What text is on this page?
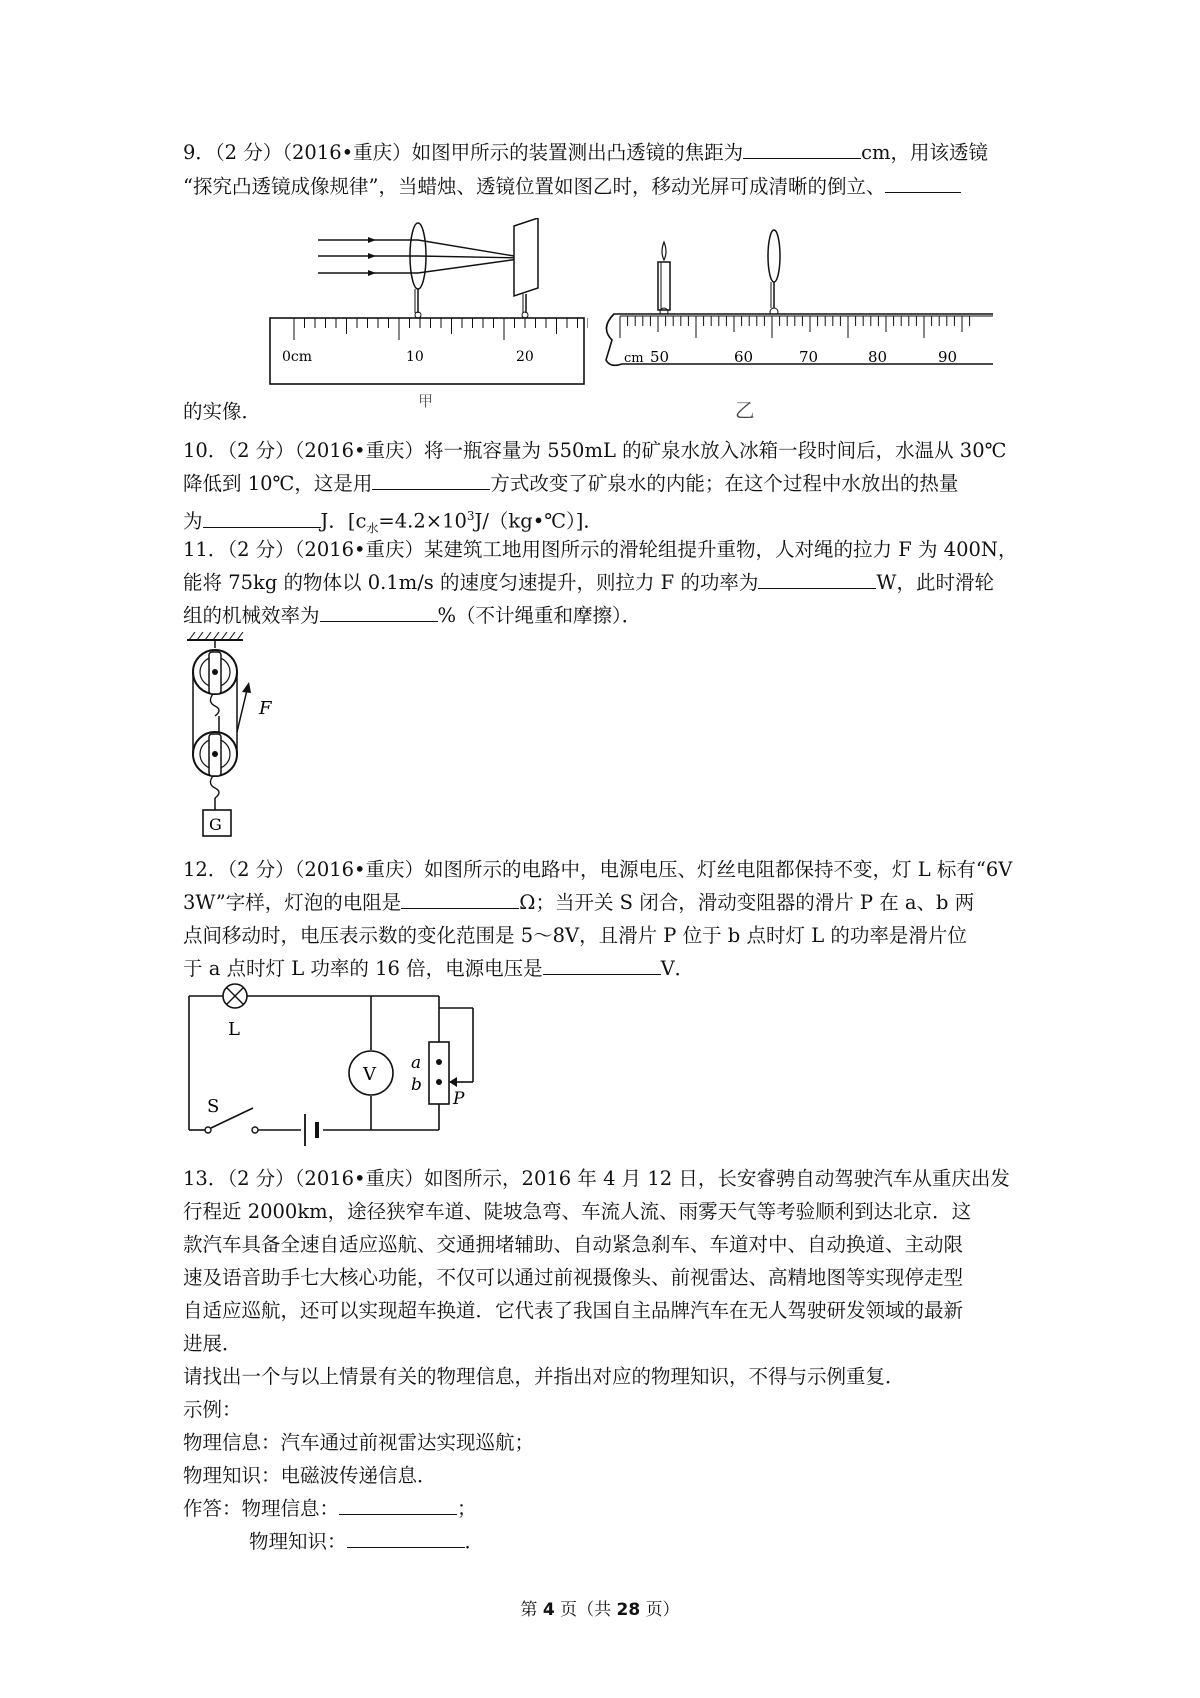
9．（2 分）（2016•重庆）如图甲所示的装置测出凸透镜的焦距为	cm，用该透镜
“探究凸透镜成像规律”，当蜡烛、透镜位置如图乙时，移动光屏可成清晰的倒立、
0cm	10	20	cm 50	60	70	80	90
的实像．	甲	乙
10．（2 分）（2016•重庆）将一瓶容量为 550mL 的矿泉水放入冰箱一段时间后，水温从 30℃
降低到 10℃，这是用	方式改变了矿泉水的内能；在这个过程中水放出的热量
为	J．$[c_水=4.2\times 10^3J/(kg•℃)]$．
11．（2 分）（2016•重庆）某建筑工地用图所示的滑轮组提升重物，人对绳的拉力 F 为 400N，
能将 75kg 的物体以 0.1m/s 的速度匀速提升，则拉力 F 的功率为	W，此时滑轮
组的机械效率为	%（不计绳重和摩擦）．
F
G
12．（2 分）（2016•重庆）如图所示的电路中，电源电压、灯丝电阻都保持不变，灯 L 标有“6V
3W”字样，灯泡的电阻是	Ω；当开关 S 闭合，滑动变阻器的滑片 P 在 a、b 两
点间移动时，电压表示数的变化范围是 5～8V，且滑片 P 位于 b 点时灯 L 的功率是滑片位
于 a 点时灯 L 功率的 16 倍，电源电压是	V．
L
S
V
a
b
P
13．（2 分）（2016•重庆）如图所示，2016 年 4 月 12 日，长安睿骋自动驾驶汽车从重庆出发
行程近 2000km，途径狭窄车道、陡坡急弯、车流人流、雨雾天气等考验顺利到达北京．这
款汽车具备全速自适应巡航、交通拥堵辅助、自动紧急刹车、车道对中、自动换道、主动限
速及语音助手七大核心功能，不仅可以通过前视摄像头、前视雷达、高精地图等实现停走型
自适应巡航，还可以实现超车换道．它代表了我国自主品牌汽车在无人驾驶研发领域的最新
进展．
请找出一个与以上情景有关的物理信息，并指出对应的物理知识，不得与示例重复．
示例：
物理信息：汽车通过前视雷达实现巡航；
物理知识：电磁波传递信息．
作答：物理信息：	；
物理知识：	．
第 4 页（共 28 页）
